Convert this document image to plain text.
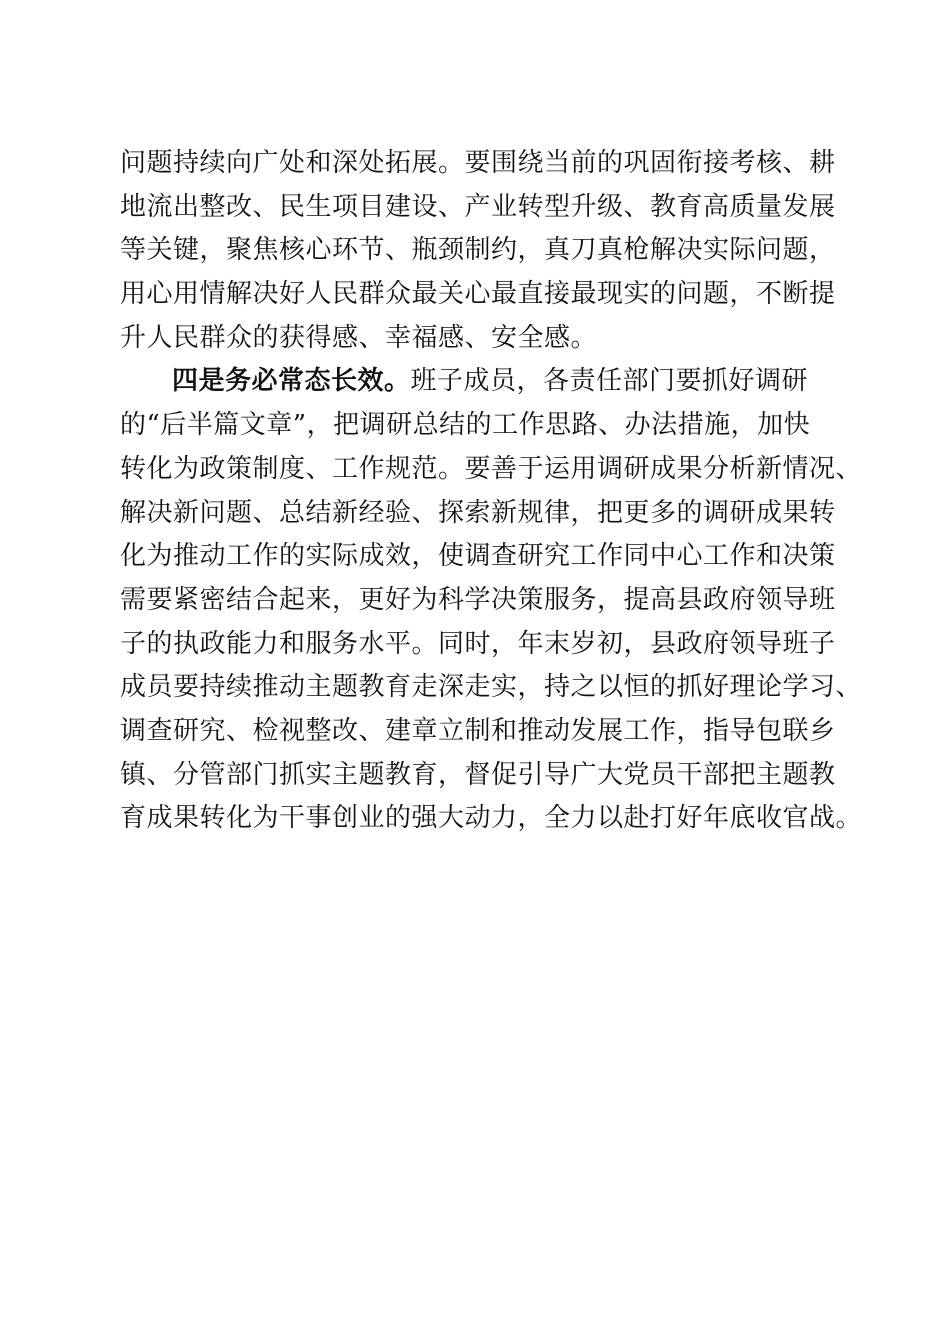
问题持续向广处和深处拓展。要围绕当前的巩固衔接考核、耕
地流出整改、民生项目建设、产业转型升级、教育高质量发展
等关键，聚焦核心环节、瓶颈制约，真刀真枪解决实际问题，
用心用情解决好人民群众最关心最直接最现实的问题，不断提
升人民群众的获得感、幸福感、安全感。
四是务必常态长效。班子成员，各责任部门要抓好调研
的“后半篇文章”，把调研总结的工作思路、办法措施，加快
转化为政策制度、工作规范。要善于运用调研成果分析新情况、
解决新问题、总结新经验、探索新规律，把更多的调研成果转
化为推动工作的实际成效，使调查研究工作同中心工作和决策
需要紧密结合起来，更好为科学决策服务，提高县政府领导班
子的执政能力和服务水平。同时，年末岁初，县政府领导班子
成员要持续推动主题教育走深走实，持之以恒的抓好理论学习、
调查研究、检视整改、建章立制和推动发展工作，指导包联乡
镇、分管部门抓实主题教育，督促引导广大党员干部把主题教
育成果转化为干事创业的强大动力，全力以赴打好年底收官战。
